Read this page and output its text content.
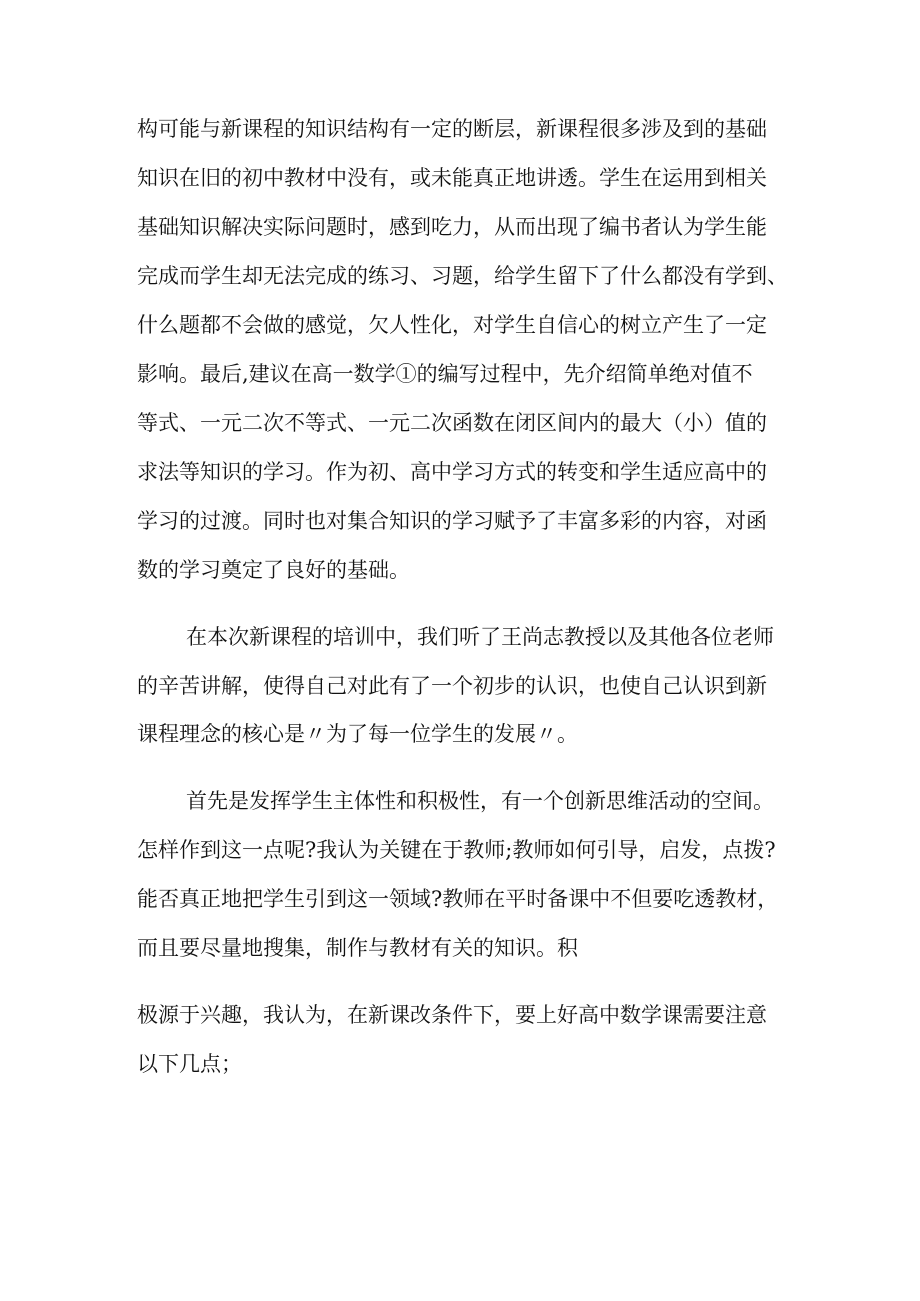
构可能与新课程的知识结构有一定的断层，新课程很多涉及到的基础

知识在旧的初中教材中没有，或未能真正地讲透。学生在运用到相关

基础知识解决实际问题时，感到吃力，从而出现了编书者认为学生能

完成而学生却无法完成的练习、习题，给学生留下了什么都没有学到、

什么题都不会做的感觉，欠人性化，对学生自信心的树立产生了一定

影响。最后,建议在高一数学①的编写过程中，先介绍简单绝对值不

等式、一元二次不等式、一元二次函数在闭区间内的最大（小）值的

求法等知识的学习。作为初、高中学习方式的转变和学生适应高中的

学习的过渡。同时也对集合知识的学习赋予了丰富多彩的内容，对函

数的学习奠定了良好的基础。

在本次新课程的培训中，我们听了王尚志教授以及其他各位老师

的辛苦讲解，使得自己对此有了一个初步的认识，也使自己认识到新

课程理念的核心是〃为了每一位学生的发展〃。

首先是发挥学生主体性和积极性，有一个创新思维活动的空间。

怎样作到这一点呢?我认为关键在于教师;教师如何引导，启发，点拨?

能否真正地把学生引到这一领域?教师在平时备课中不但要吃透教材，

而且要尽量地搜集，制作与教材有关的知识。积

极源于兴趣，我认为，在新课改条件下，要上好高中数学课需要注意

以下几点；
